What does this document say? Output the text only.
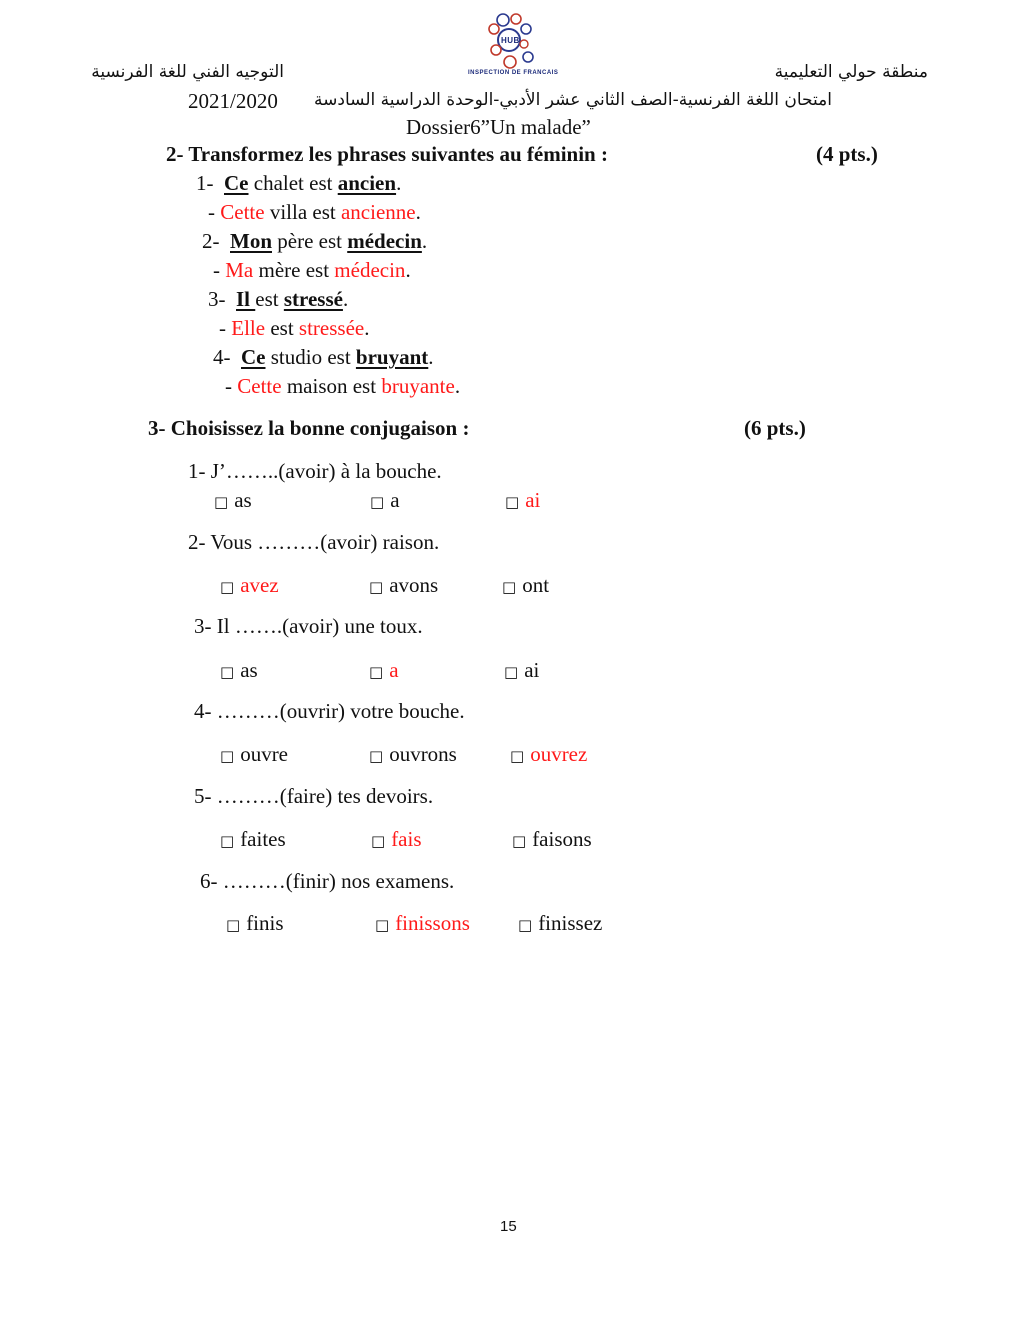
HUB
INSPECTION DE FRANCAIS
التوجيه الفني للغة الفرنسية	منطقة حولي التعليمية
امتحان اللغة الفرنسية-الصف الثاني عشر الأدبي-الوحدة الدراسية السادسة
2021/2020
Dossier6”Un malade”
2- Transformez les phrases suivantes au féminin :	(4 pts.)
1- Ce chalet est ancien.
- Cette villa est ancienne.
2- Mon père est médecin.
- Ma mère est médecin.
3- Il est stressé.
- Elle est stressée.
4- Ce studio est bruyant.
- Cette maison est bruyante.
3- Choisissez la bonne conjugaison :	(6 pts.)
1- J’……..(avoir) à la bouche.
□ as	□ a	□ ai
2- Vous ………(avoir) raison.
□ avez	□ avons	□ ont
3- Il …….(avoir) une toux.
□ as	□ a	□ ai
4- ………(ouvrir) votre bouche.
□ ouvre	□ ouvrons	□ ouvrez
5- ………(faire) tes devoirs.
□ faites	□ fais	□ faisons
6- ………(finir) nos examens.
□ finis	□ finissons	□ finissez
15
